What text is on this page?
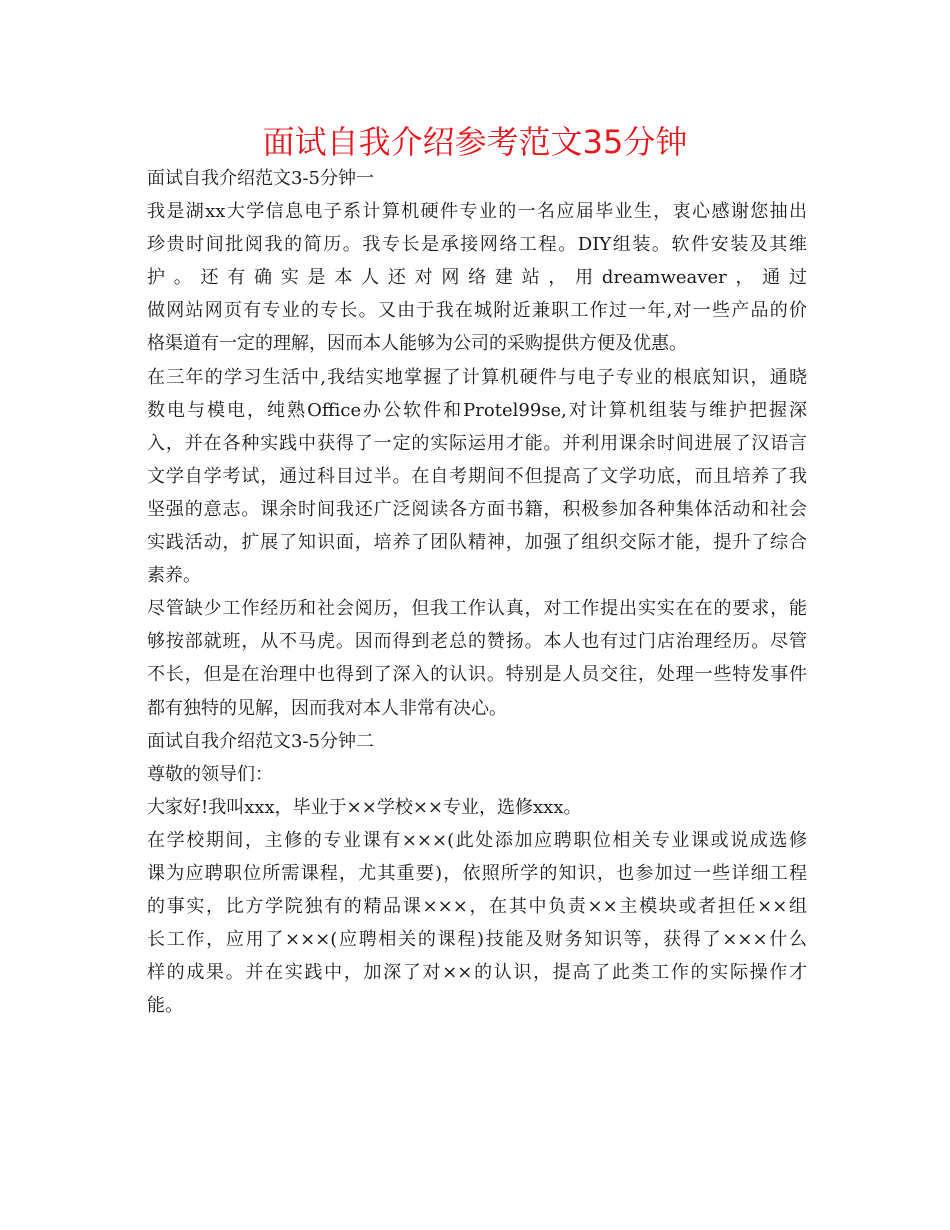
面试自我介绍参考范文35分钟
面试自我介绍范文3-5分钟一
我是湖xx大学信息电子系计算机硬件专业的一名应届毕业生，衷心感谢您抽出
珍贵时间批阅我的简历。我专长是承接网络工程。DIY组装。软件安装及其维
护。还有确实是本人还对网络建站，用dreamweaver，通过
做网站网页有专业的专长。又由于我在城附近兼职工作过一年,对一些产品的价
格渠道有一定的理解，因而本人能够为公司的采购提供方便及优惠。
在三年的学习生活中,我结实地掌握了计算机硬件与电子专业的根底知识，通晓
数电与模电，纯熟Office办公软件和Protel99se,对计算机组装与维护把握深
入，并在各种实践中获得了一定的实际运用才能。并利用课余时间进展了汉语言
文学自学考试，通过科目过半。在自考期间不但提高了文学功底，而且培养了我
坚强的意志。课余时间我还广泛阅读各方面书籍，积极参加各种集体活动和社会
实践活动，扩展了知识面，培养了团队精神，加强了组织交际才能，提升了综合
素养。
尽管缺少工作经历和社会阅历，但我工作认真，对工作提出实实在在的要求，能
够按部就班，从不马虎。因而得到老总的赞扬。本人也有过门店治理经历。尽管
不长，但是在治理中也得到了深入的认识。特别是人员交往，处理一些特发事件
都有独特的见解，因而我对本人非常有决心。
面试自我介绍范文3-5分钟二
尊敬的领导们：
大家好!我叫xxx，毕业于××学校××专业，选修xxx。
在学校期间，主修的专业课有×××(此处添加应聘职位相关专业课或说成选修
课为应聘职位所需课程，尤其重要)，依照所学的知识，也参加过一些详细工程
的事实，比方学院独有的精品课×××，在其中负责××主模块或者担任××组
长工作，应用了×××(应聘相关的课程)技能及财务知识等，获得了×××什么
样的成果。并在实践中，加深了对××的认识，提高了此类工作的实际操作才
能。
